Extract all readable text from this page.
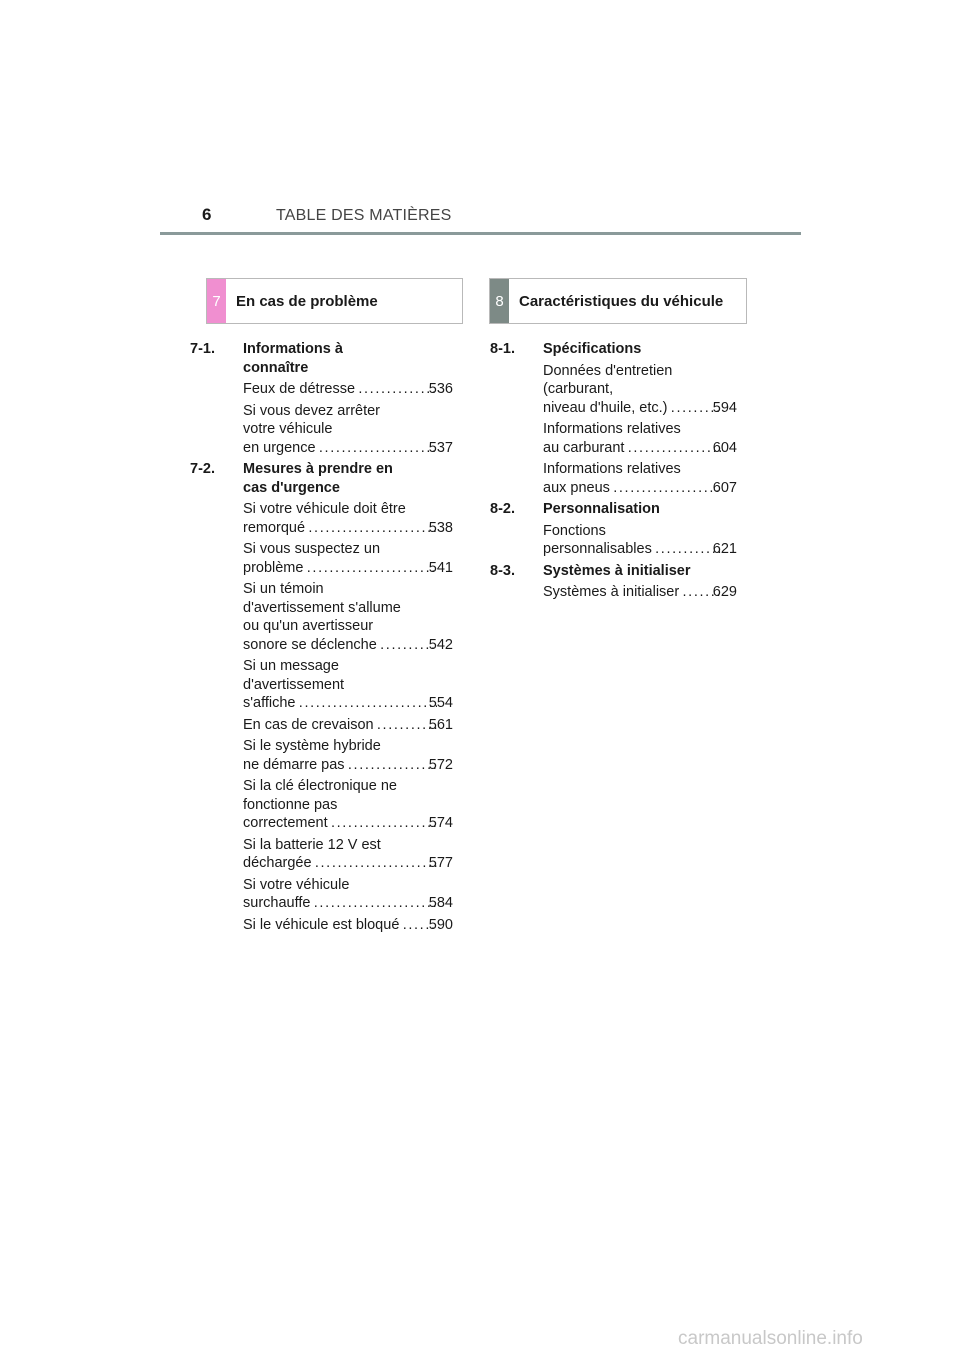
6	TABLE DES MATIÈRES
7	En cas de problème	8	Caractéristiques du véhicule
7-1. Informations à
connaître
Feux de détresse . . .	536
Si vous devez arrêter
votre véhicule
en urgence . . .	537
7-2. Mesures à prendre en
cas d'urgence
Si votre véhicule doit être
remorqué . . .	538
Si vous suspectez un
problème . . .	541
Si un témoin
d'avertissement s'allume
ou qu'un avertisseur
sonore se déclenche . . .	542
Si un message
d'avertissement
s'affiche . . .	554
En cas de crevaison . . .	561
Si le système hybride
ne démarre pas . . .	572
Si la clé électronique ne
fonctionne pas
correctement . . .	574
Si la batterie 12 V est
déchargée . . .	577
Si votre véhicule
surchauffe . . .	584
Si le véhicule est bloqué . . . 590
8-1. Spécifications
Données d'entretien
(carburant,
niveau d'huile, etc.) . . .	594
Informations relatives
au carburant . . .	604
Informations relatives
aux pneus . . .	607
8-2. Personnalisation
Fonctions
personnalisables . . .	621
8-3. Systèmes à initialiser
Systèmes à initialiser . . . 629
carmanualsonline.info
